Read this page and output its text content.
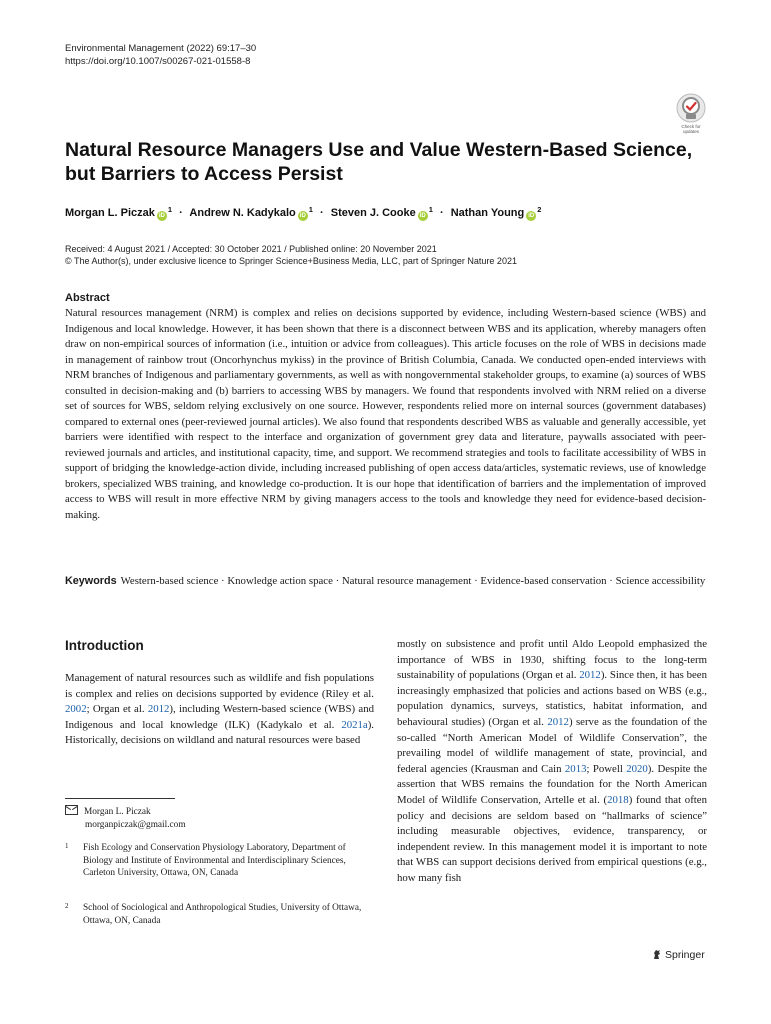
Environmental Management (2022) 69:17–30
https://doi.org/10.1007/s00267-021-01558-8
Check for
updates
Natural Resource Managers Use and Value Western-Based Science,
but Barriers to Access Persist
Morgan L. Piczak $iD^1$ · Andrew N. Kadykalo $iD^1$ · Steven J. Cooke $iD^1$ · Nathan Young $iD^2$
Received: 4 August 2021 / Accepted: 30 October 2021 / Published online: 20 November 2021
© The Author(s), under exclusive licence to Springer Science+Business Media, LLC, part of Springer Nature 2021
Abstract

Natural resources management (NRM) is complex and relies on decisions supported by evidence, including Western-based science (WBS) and Indigenous and local knowledge. However, it has been shown that there is a disconnect between WBS and its application, whereby managers often draw on non-empirical sources of information (i.e., intuition or advice from colleagues). This article focuses on the role of WBS in decisions made in management of rainbow trout (Oncorhynchus mykiss) in the province of British Columbia, Canada. We conducted open-ended interviews with NRM branches of Indigenous and parliamentary governments, as well as with nongovernmental stakeholder groups, to examine (a) sources of WBS consulted in decision-making and (b) barriers to accessing WBS by managers. We found that respondents involved with NRM relied on a diverse set of sources for WBS, seldom relying exclusively on one source. However, respondents relied more on internal sources (government databases) compared to external ones (peer-reviewed journal articles). We also found that respondents described WBS as valuable and generally accessible, yet barriers were identified with respect to the interface and organization of government grey data and literature, paywalls associated with peer-reviewed journals and articles, and institutional capacity, time, and support. We recommend strategies and tools to facilitate accessibility of WBS in support of bridging the knowledge-action divide, including increased publishing of open access data/articles, systematic reviews, use of knowledge brokers, specialized WBS training, and knowledge co-production. It is our hope that identification of barriers and the implementation of improved access to WBS will result in more effective NRM by giving managers access to the tools and knowledge they need for evidence-based decision-making.

Keywords Western-based science · Knowledge action space · Natural resource management · Evidence-based conservation · Science accessibility
Introduction

Management of natural resources such as wildlife and fish populations is complex and relies on decisions supported by evidence (Riley et al. 2002; Organ et al. 2012), including Western-based science (WBS) and Indigenous and local knowledge (ILK) (Kadykalo et al. 2021a). Historically, decisions on wildland and natural resources were based

Morgan L. Piczak
morganpiczak@gmail.com
1	Fish Ecology and Conservation Physiology Laboratory, Department of Biology and Institute of Environmental and Interdisciplinary Sciences, Carleton University, Ottawa, ON, Canada
2	School of Sociological and Anthropological Studies, University of Ottawa, Ottawa, ON, Canada

mostly on subsistence and profit until Aldo Leopold emphasized the importance of WBS in 1930, shifting focus to the long-term sustainability of populations (Organ et al. 2012). Since then, it has been increasingly emphasized that policies and actions based on WBS (e.g., population dynamics, surveys, statistics, habitat information, and behavioural studies) (Organ et al. 2012) serve as the foundation of the so-called “North American Model of Wildlife Conservation”, the prevailing model of wildlife management of state, provincial, and federal agencies (Krausman and Cain 2013; Powell 2020). Despite the assertion that WBS remains the foundation for the North American Model of Wildlife Conservation, Artelle et al. (2018) found that often policy and decisions are seldom based on “hallmarks of science” including measurable objectives, evidence, transparency, or independent review. In this management model it is important to note that WBS can support decisions derived from empirical questions (e.g., how many fish

Springer
